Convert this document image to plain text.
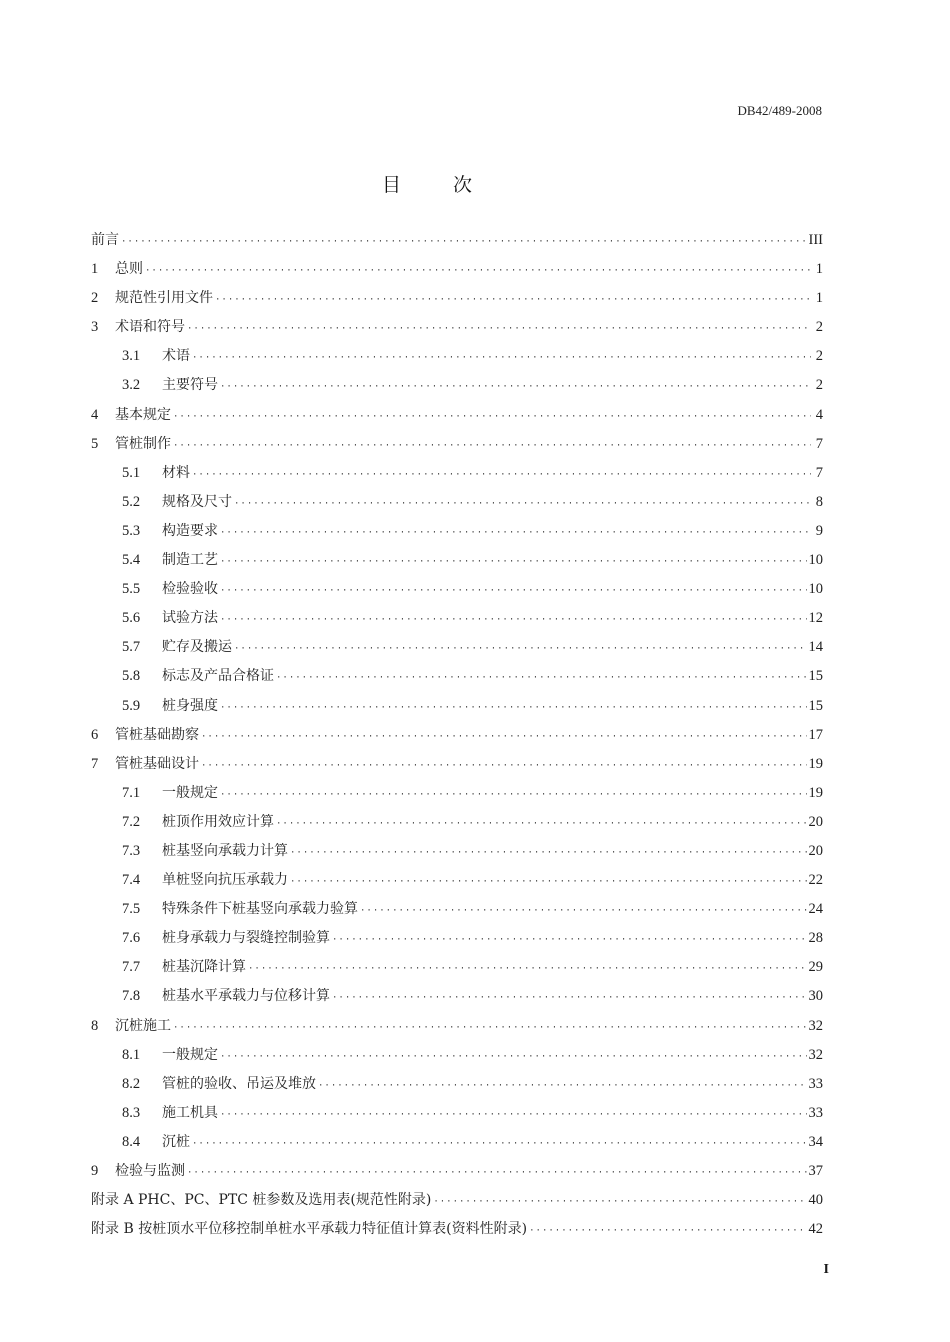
DB42/489-2008
目次
前言 ·····	III
1	总则 ·····	1
2	规范性引用文件 ·····	1
3	术语和符号 ·····	2
3.1	术语 ·····	2
3.2	主要符号 ·····	2
4	基本规定 ·····	4
5	管桩制作 ·····	7
5.1	材料 ·····	7
5.2	规格及尺寸 ·····	8
5.3	构造要求 ·····	9
5.4	制造工艺 ·····	10
5.5	检验验收 ·····	10
5.6	试验方法 ·····	12
5.7	贮存及搬运 ·····	14
5.8	标志及产品合格证 ·····	15
5.9	桩身强度 ·····	15
6	管桩基础勘察 ·····	17
7	管桩基础设计 ·····	19
7.1	一般规定 ·····	19
7.2	桩顶作用效应计算 ·····	20
7.3	桩基竖向承载力计算 ·····	20
7.4	单桩竖向抗压承载力 ·····	22
7.5	特殊条件下桩基竖向承载力验算 ·····	24
7.6	桩身承载力与裂缝控制验算 ·····	28
7.7	桩基沉降计算 ·····	29
7.8	桩基水平承载力与位移计算 ·····	30
8	沉桩施工 ·····	32
8.1	一般规定 ·····	32
8.2	管桩的验收、吊运及堆放 ·····	33
8.3	施工机具 ·····	33
8.4	沉桩 ·····	34
9	检验与监测 ·····	37
附录 A PHC、PC、PTC 桩参数及选用表(规范性附录) ·····	40
附录 B 按桩顶水平位移控制单桩水平承载力特征值计算表(资料性附录) ·····	42
I
